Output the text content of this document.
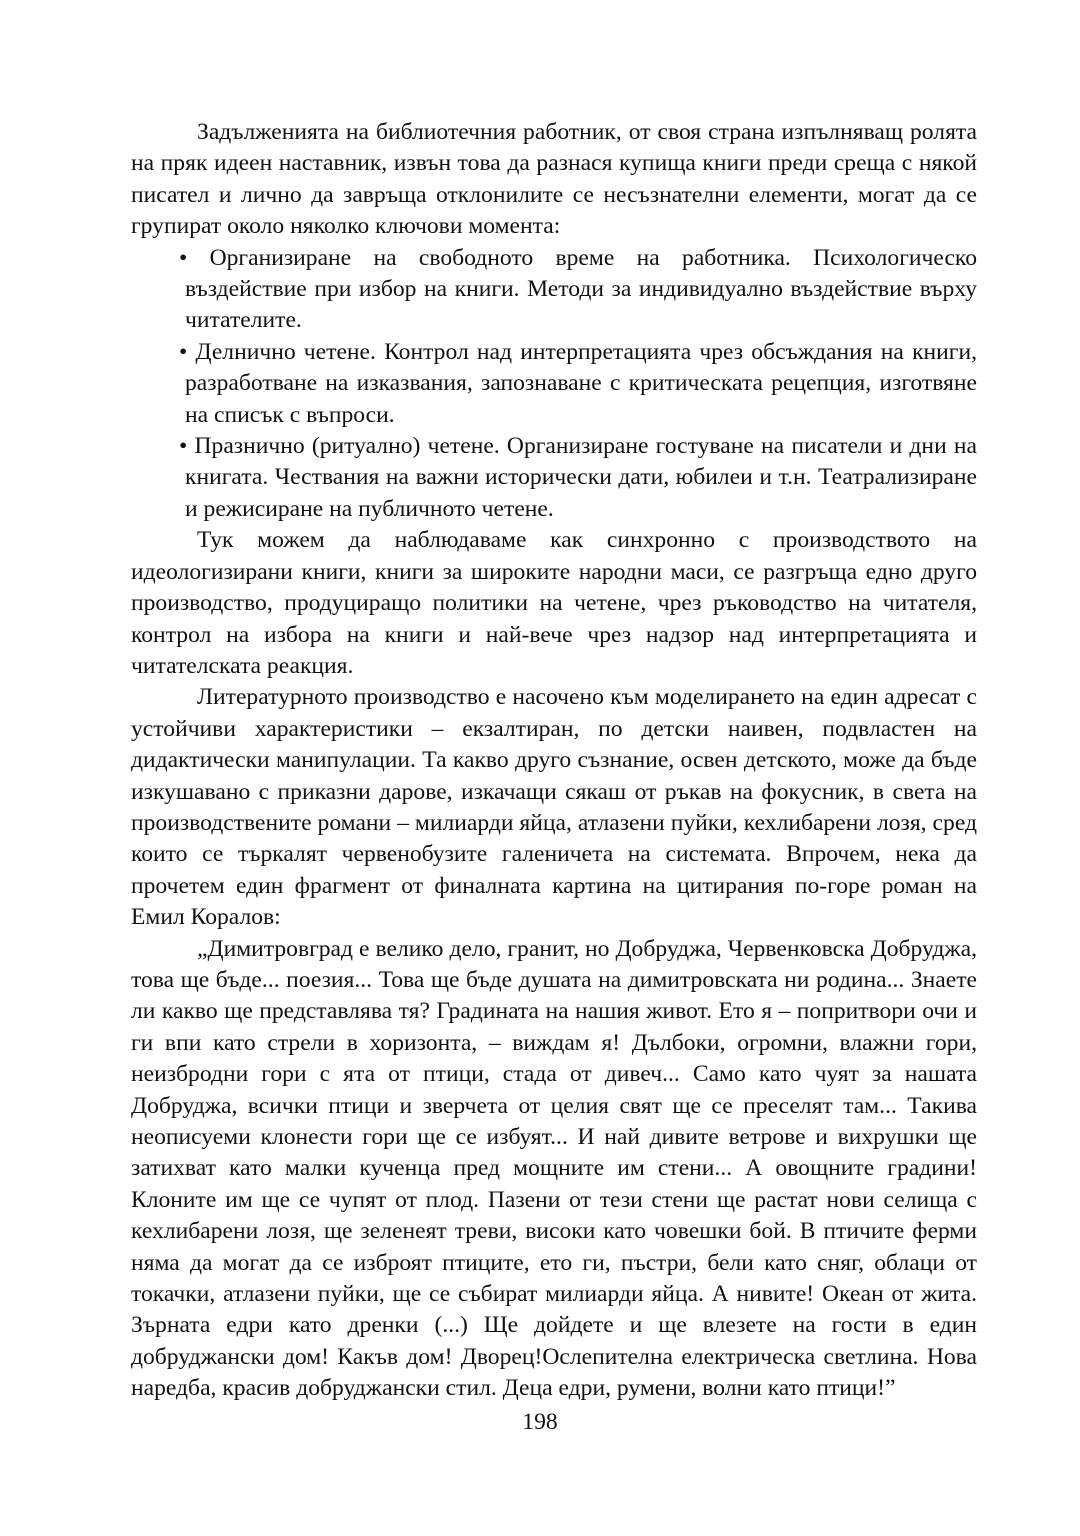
Задълженията на библиотечния работник, от своя страна изпълняващ ролята на пряк идеен наставник, извън това да разнася купища книги преди среща с някой писател и лично да завръща отклонилите се несъзнателни елементи, могат да се групират около няколко ключови момента:

• Организиране на свободното време на работника. Психологическо въздействие при избор на книги. Методи за индивидуално въздействие върху читателите.
• Делнично четене. Контрол над интерпретацията чрез обсъждания на книги, разработване на изказвания, запознаване с критическата рецепция, изготвяне на списък с въпроси.
• Празнично (ритуално) четене. Организиране гостуване на писатели и дни на книгата. Чествания на важни исторически дати, юбилеи и т.н. Театрализиране и режисиране на публичното четене.

Тук можем да наблюдаваме как синхронно с производството на идеологизирани книги, книги за широките народни маси, се разгръща едно друго производство, продуциращо политики на четене, чрез ръководство на читателя, контрол на избора на книги и най-вече чрез надзор над интерпретацията и читателската реакция.

Литературното производство е насочено към моделирането на един адресат с устойчиви характеристики – екзалтиран, по детски наивен, подвластен на дидактически манипулации. Та какво друго съзнание, освен детското, може да бъде изкушавано с приказни дарове, изкачащи сякаш от ръкав на фокусник, в света на производствените романи – милиарди яйца, атлазени пуйки, кехлибарени лозя, сред които се търкалят червенобузите галеничета на системата. Впрочем, нека да прочетем един фрагмент от финалната картина на цитирания по-горе роман на Емил Коралов:

„Димитровград е велико дело, гранит, но Добруджа, Червенковска Добруджа, това ще бъде... поезия... Това ще бъде душата на димитровската ни родина... Знаете ли какво ще представлява тя? Градината на нашия живот. Ето я – попритвори очи и ги впи като стрели в хоризонта, – виждам я! Дълбоки, огромни, влажни гори, неизбродни гори с ята от птици, стада от дивеч... Само като чуят за нашата Добруджа, всички птици и зверчета от целия свят ще се преселят там... Такива неописуеми клонести гори ще се избуят... И най дивите ветрове и вихрушки ще затихват като малки кученца пред мощните им стени... А овощните градини! Клоните им ще се чупят от плод. Пазени от тези стени ще растат нови селища с кехлибарени лозя, ще зеленеят треви, високи като човешки бой. В птичите ферми няма да могат да се изброят птиците, ето ги, пъстри, бели като сняг, облаци от токачки, атлазени пуйки, ще се събират милиарди яйца. А нивите! Океан от жита. Зърната едри като дренки (...) Ще дойдете и ще влезете на гости в един добруджански дом! Какъв дом! Дворец!Ослепителна електрическа светлина. Нова наредба, красив добруджански стил. Деца едри, румени, волни като птици!”

198
